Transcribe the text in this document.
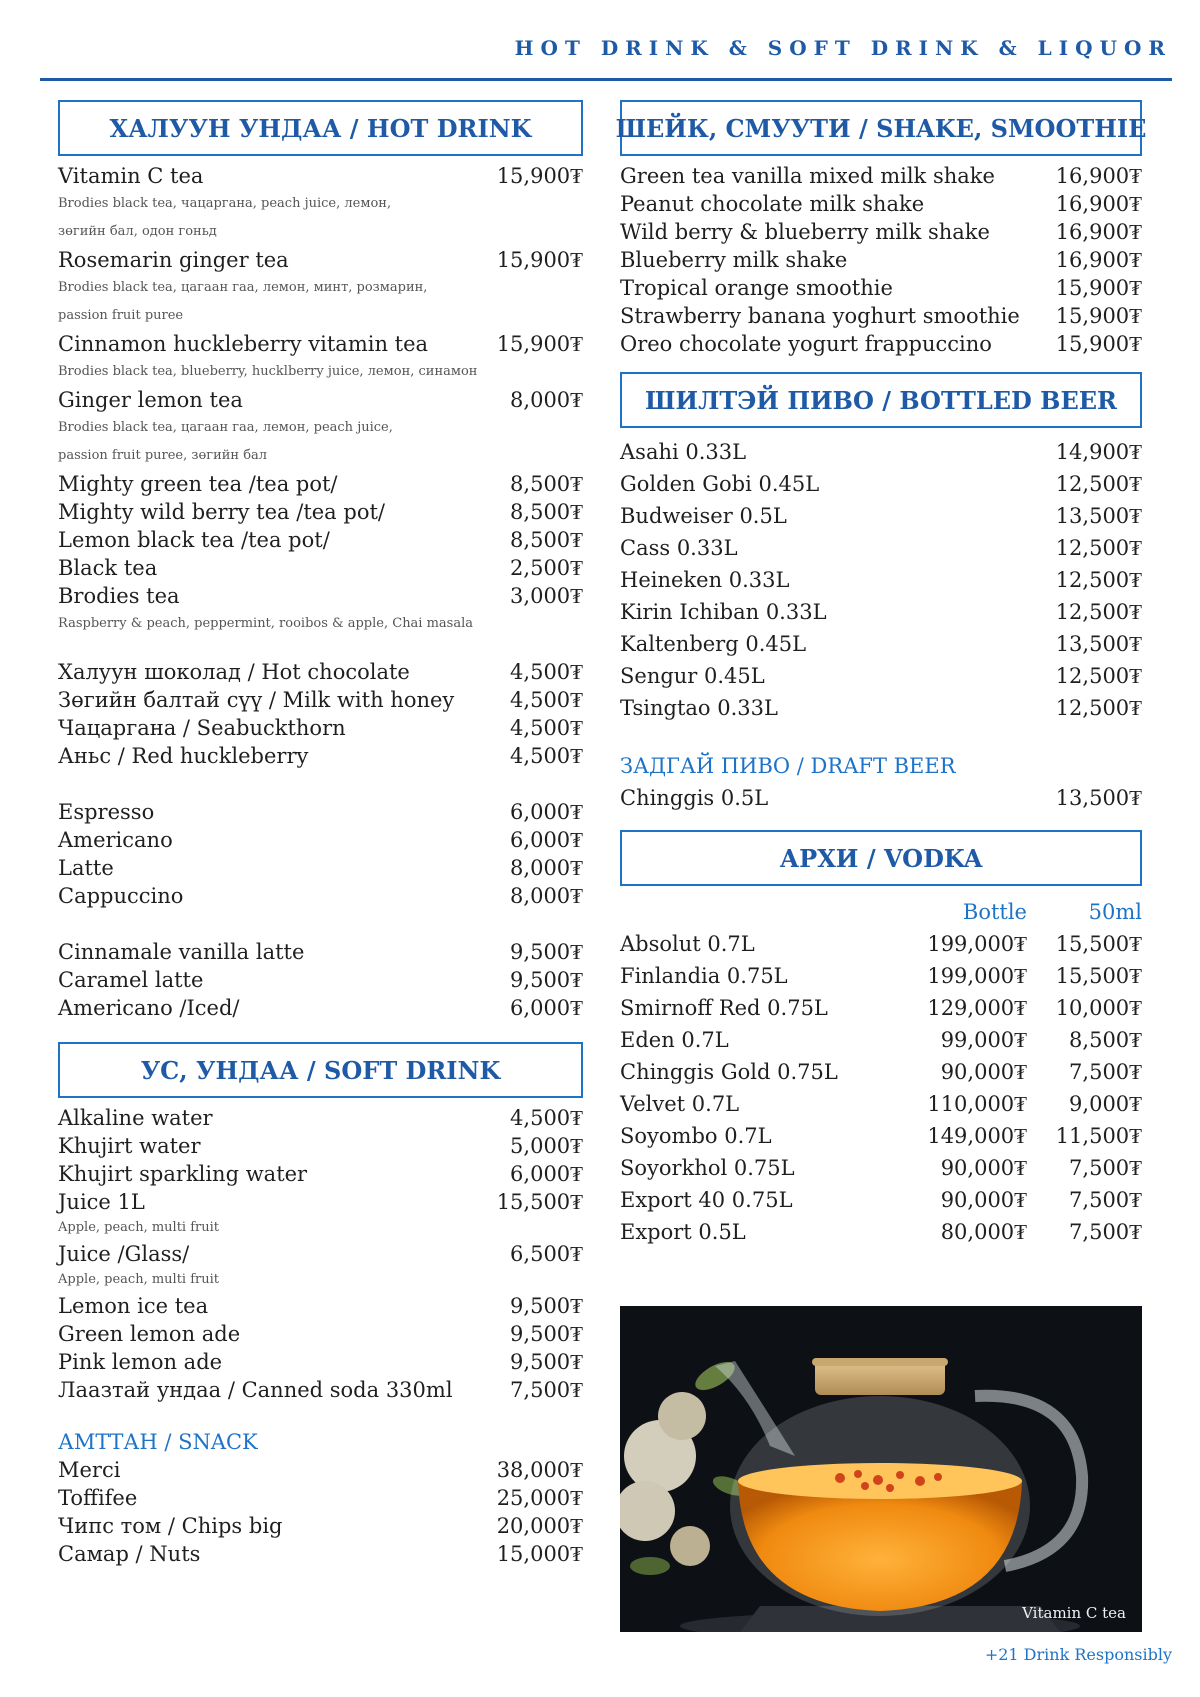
HOT DRINK & SOFT DRINK & LIQUOR
ХАЛУУН УНДАА / HOT DRINK
Vitamin C tea	15,900₮
Brodies black tea, чацаргана, peach juice, лемон,
зөгийн бал, одон гоньд
Rosemarin ginger tea	15,900₮
Brodies black tea, цагаан гаа, лемон, минт, розмарин,
passion fruit puree
Cinnamon huckleberry vitamin tea	15,900₮
Brodies black tea, blueberry, hucklberry juice, лемон, синамон
Ginger lemon tea	8,000₮
Brodies black tea, цагаан гаа, лемон, peach juice,
passion fruit puree, зөгийн бал
Mighty green tea /tea pot/	8,500₮
Mighty wild berry tea /tea pot/	8,500₮
Lemon black tea /tea pot/	8,500₮
Black tea	2,500₮
Brodies tea	3,000₮
Raspberry & peach, peppermint, rooibos & apple, Chai masala
Халуун шоколад / Hot chocolate	4,500₮
Зөгийн балтай сүү / Milk with honey	4,500₮
Чацаргана / Seabuckthorn	4,500₮
Аньс / Red huckleberry	4,500₮
Espresso	6,000₮
Americano	6,000₮
Latte	8,000₮
Cappuccino	8,000₮
Cinnamale vanilla latte	9,500₮
Caramel latte	9,500₮
Americano /Iced/	6,000₮
УС, УНДАА / SOFT DRINK
Alkaline water	4,500₮
Khujirt water	5,000₮
Khujirt sparkling water	6,000₮
Juice 1L	15,500₮
Apple, peach, multi fruit
Juice /Glass/	6,500₮
Apple, peach, multi fruit
Lemon ice tea	9,500₮
Green lemon ade	9,500₮
Pink lemon ade	9,500₮
Лаазтай ундаа / Canned soda 330ml	7,500₮
АМТТАН / SNACK
Merci	38,000₮
Toffifee	25,000₮
Чипс том / Chips big	20,000₮
Самар / Nuts	15,000₮
ШЕЙК, СМУУТИ / SHAKE, SMOOTHIE
Green tea vanilla mixed milk shake	16,900₮
Peanut chocolate milk shake	16,900₮
Wild berry & blueberry milk shake	16,900₮
Blueberry milk shake	16,900₮
Tropical orange smoothie	15,900₮
Strawberry banana yoghurt smoothie 15,900₮
Oreo chocolate yogurt frappuccino	15,900₮
ШИЛТЭЙ ПИВО / BOTTLED BEER
Asahi 0.33L	14,900₮
Golden Gobi 0.45L	12,500₮
Budweiser 0.5L	13,500₮
Cass 0.33L	12,500₮
Heineken 0.33L	12,500₮
Kirin Ichiban 0.33L	12,500₮
Kaltenberg 0.45L	13,500₮
Sengur 0.45L	12,500₮
Tsingtao 0.33L	12,500₮
ЗАДГАЙ ПИВО / DRAFT BEER
Chinggis 0.5L	13,500₮
АРХИ / VODKA
Bottle	50ml
Absolut 0.7L	199,000₮	15,500₮
Finlandia 0.75L	199,000₮	15,500₮
Smirnoff Red 0.75L	129,000₮	10,000₮
Eden 0.7L	99,000₮	8,500₮
Chinggis Gold 0.75L	90,000₮	7,500₮
Velvet 0.7L	110,000₮	9,000₮
Soyombo 0.7L	149,000₮	11,500₮
Soyorkhol 0.75L	90,000₮	7,500₮
Export 40 0.75L	90,000₮	7,500₮
Export 0.5L	80,000₮	7,500₮
Vitamin C tea
+21 Drink Responsibly
